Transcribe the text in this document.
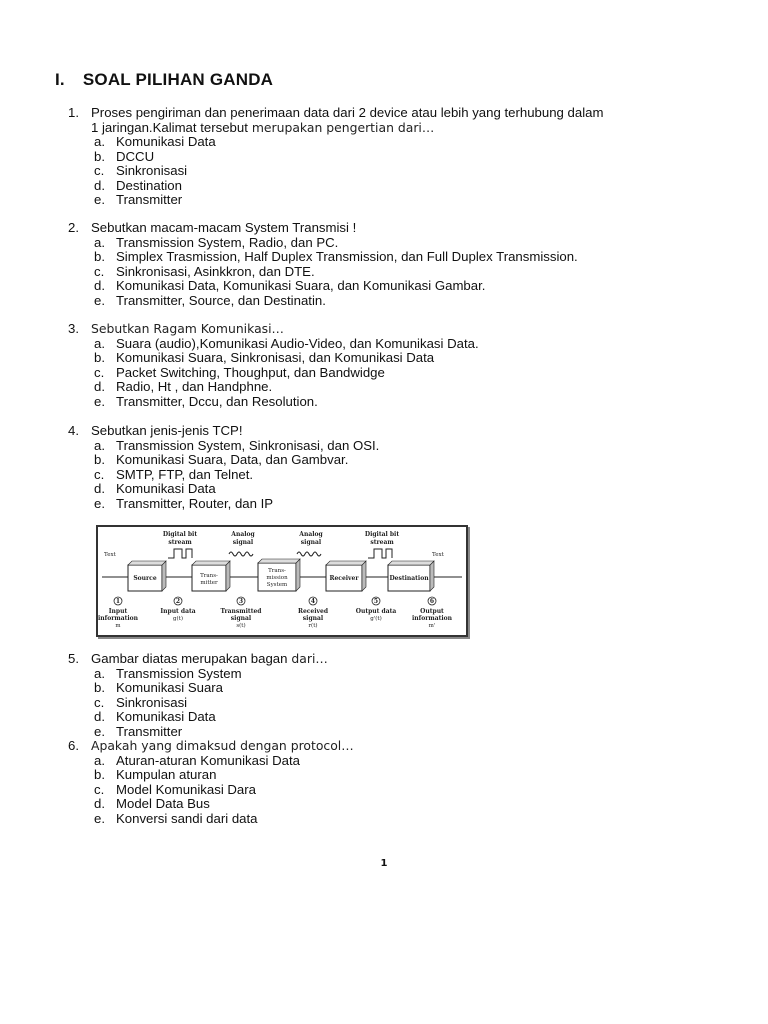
I. SOAL PILIHAN GANDA
1. Proses pengiriman dan penerimaan data dari 2 device atau lebih yang terhubung dalam
1 jaringan.Kalimat tersebut merupakan pengertian dari…
a. Komunikasi Data
b. DCCU
c. Sinkronisasi
d. Destination
e. Transmitter
2. Sebutkan macam-macam System Transmisi !
a. Transmission System, Radio, dan PC.
b. Simplex Trasmission, Half Duplex Transmission, dan Full Duplex Transmission.
c. Sinkronisasi, Asinkkron, dan DTE.
d. Komunikasi Data, Komunikasi Suara, dan Komunikasi Gambar.
e. Transmitter, Source, dan Destinatin.
3. Sebutkan Ragam Komunikasi…
a. Suara (audio),Komunikasi Audio-Video, dan Komunikasi Data.
b. Komunikasi Suara, Sinkronisasi, dan Komunikasi Data
c. Packet Switching, Thoughput, dan Bandwidge
d. Radio, Ht , dan Handphne.
e. Transmitter, Dccu, dan Resolution.
4. Sebutkan jenis-jenis TCP!
a. Transmission System, Sinkronisasi, dan OSI.
b. Komunikasi Suara, Data, dan Gambvar.
c. SMTP, FTP, dan Telnet.
d. Komunikasi Data
e. Transmitter, Router, dan IP
Text	Text
Digital bit
stream
Analog
signal
Analog
signal
Digital bit
stream
Source	Trans-
mitter
Trans-
mission
System
Receiver	Destination
1	2	3	4	5	6
Input
information
m
Input data
g(t)
Transmitted
signal
s(t)
Received
signal
r(t)
Output data
g'(t)
Output
information
m'
5. Gambar diatas merupakan bagan dari…
a. Transmission System
b. Komunikasi Suara
c. Sinkronisasi
d. Komunikasi Data
e. Transmitter
6. Apakah yang dimaksud dengan protocol…
a. Aturan-aturan Komunikasi Data
b. Kumpulan aturan
c. Model Komunikasi Dara
d. Model Data Bus
e. Konversi sandi dari data
1
